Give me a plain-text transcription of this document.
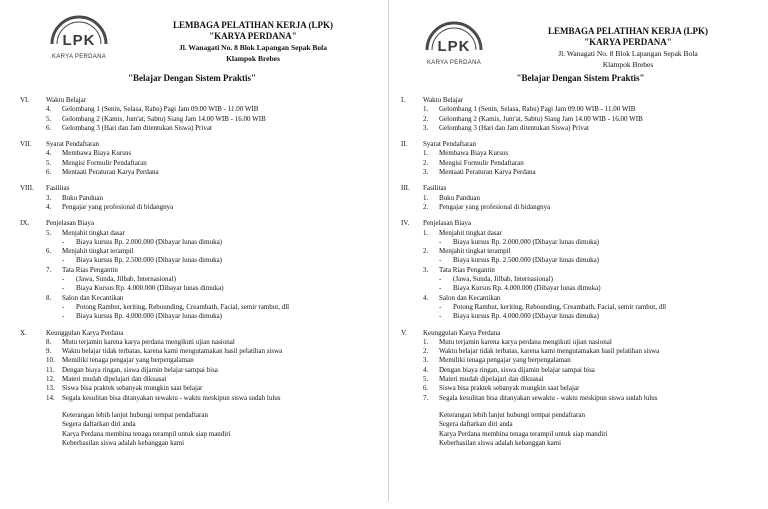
LPK
KARYA PERDANA
LEMBAGA PELATIHAN KERJA (LPK)
"KARYA PERDANA"
Jl. Wanagati No. 8 Blok Lapangan Sepak Bola
Klampok Brebes
"Belajar Dengan Sistem Praktis"
VI.	Waktu Belajar
4. Gelombang 1 (Senin, Selasa, Rabu) Pagi Jam 09.00 WIB - 11.00 WIB
5. Gelombang 2 (Kamis, Jum'at, Sabtu) Siang Jam 14.00 WIB - 16.00 WIB
6. Gelombang 3 (Hari dan Jam ditentukan Siswa) Privat
VII.	Syarat Pendaftaran
4. Membawa Biaya Kursus
5. Mengisi Formulir Pendaftaran
6. Mentaati Peraturan Karya Perdana
VIII.	Fasilitas
3. Buku Panduan
4. Pengajar yang profesional di bidangnya
IX.	Penjelasan Biaya
5. Menjahit tingkat dasar
- Biaya kursus Rp. 2.000.000 (Dibayar lunas dimuka)
6. Menjahit tingkat terampil
- Biaya kursus Rp. 2.500.000 (Dibayar lunas dimuka)
7. Tata Rias Pengantin
- (Jawa, Sunda, Jilbab, Internasional)
- Biaya Kursus Rp. 4.000.000 (Dibayar lunas dimuka)
8. Salon dan Kecantikan
- Potong Rambut, keriting, Rebounding, Creambath, Facial, semir rambut, dll
- Biaya kursus Rp. 4.000.000 (Dibayar lunas dimuka)
X.	Keunggulan Karya Perdana
8. Mutu terjamin karena karya perdana mengikuti ujian nasional
9. Waktu belajar tidak terbatas, karena kami mengutamakan hasil pelatihan siswa
10. Memiliki tenaga pengajar yang berpengalaman
11. Dengan biaya ringan, siswa dijamin belajar sampai bisa
12. Materi mudah dipelajari dan dikuasai
13. Siswa bisa praktek sebanyak mungkin saat belajar
14. Segala kesulitan bisa ditanyakan sewaktu - waktu meskipun siswa sudah lulus
Keterangan lebih lanjut hubungi tempat pendaftaran
Segera daftarkan diri anda
Karya Perdana membina tenaga terampil untuk siap mandiri
Keberhasilan siswa adalah kebanggan kami
LPK
KARYA PERDANA
LEMBAGA PELATIHAN KERJA (LPK)
"KARYA PERDANA"
Jl. Wanagati No. 8 Blok Lapangan Sepak Bola
Klampok Brebes
"Belajar Dengan Sistem Praktis"
I.	Waktu Belajar
1. Gelombang 1 (Senin, Selasa, Rabu) Pagi Jam 09.00 WIB - 11.00 WIB
2. Gelombang 2 (Kamis, Jum'at, Sabtu) Siang Jam 14.00 WIB - 16.00 WIB
3. Gelombang 3 (Hari dan Jam ditentukan Siswa) Privat
II.	Syarat Pendaftaran
1. Membawa Biaya Kursus
2. Mengisi Formulir Pendaftaran
3. Mentaati Peraturan Karya Perdana
III.	Fasilitas
1. Buku Panduan
2. Pengajar yang profesional di bidangnya
IV.	Penjelasan Biaya
1. Menjahit tingkat dasar
- Biaya kursus Rp. 2.000.000 (Dibayar lunas dimuka)
2. Menjahit tingkat terampil
- Biaya kursus Rp. 2.500.000 (Dibayar lunas dimuka)
3. Tata Rias Pengantin
- (Jawa, Sunda, Jilbab, Internasional)
- Biaya Kursus Rp. 4.000.000 (Dibayar lunas dimuka)
4. Salon dan Kecantikan
- Potong Rambut, keriting, Rebounding, Creambath, Facial, semir rambut, dll
- Biaya kursus Rp. 4.000.000 (Dibayar lunas dimuka)
V.	Keunggulan Karya Perdana
1. Mutu terjamin karena karya perdana mengikuti ujian nasional
2. Waktu belajar tidak terbatas, karena kami mengutamakan hasil pelatihan siswa
3. Memiliki tenaga pengajar yang berpengalaman
4. Dengan biaya ringan, siswa dijamin belajar sampai bisa
5. Materi mudah dipelajari dan dikuasai
6. Siswa bisa praktek sebanyak mungkin saat belajar
7. Segala kesulitan bisa ditanyakan sewaktu - waktu meskipun siswa sudah lulus
Keterangan lebih lanjut hubungi tempat pendaftaran
Segera daftarkan diri anda
Karya Perdana membina tenaga terampil untuk siap mandiri
Keberhasilan siswa adalah kebanggan kami
